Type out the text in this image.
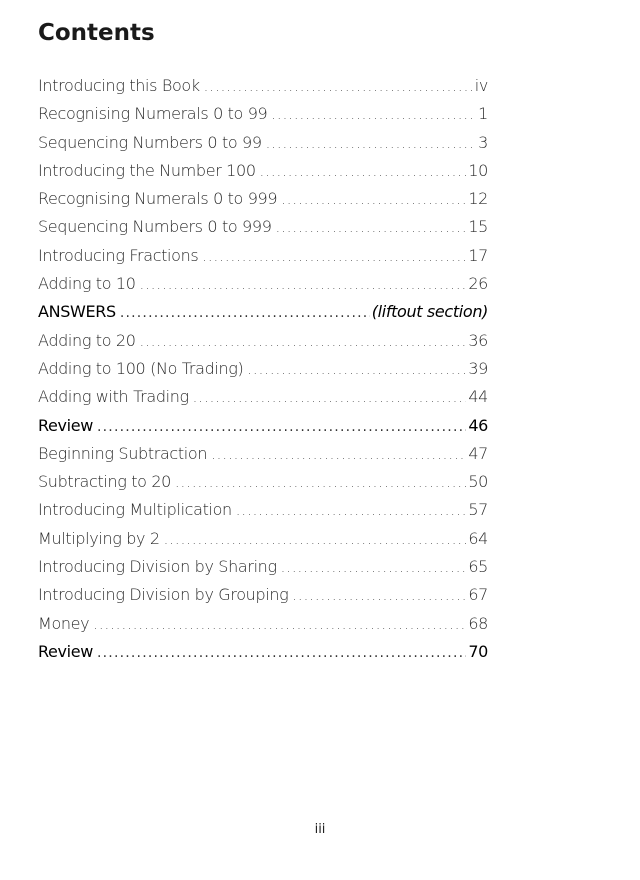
Contents
Introducing this Book .....	iv
Recognising Numerals 0 to 99 .....	1
Sequencing Numbers 0 to 99 .....	3
Introducing the Number 100 .....	10
Recognising Numerals 0 to 999 .....	12
Sequencing Numbers 0 to 999 .....	15
Introducing Fractions .....	17
Adding to 10 .....	26
ANSWERS .....	(liftout section)
Adding to 20 .....	36
Adding to 100 (No Trading) .....	39
Adding with Trading .....	44
Review .....	46
Beginning Subtraction .....	47
Subtracting to 20 .....	50
Introducing Multiplication .....	57
Multiplying by 2 .....	64
Introducing Division by Sharing .....	65
Introducing Division by Grouping .....	67
Money .....	68
Review .....	70
iii
